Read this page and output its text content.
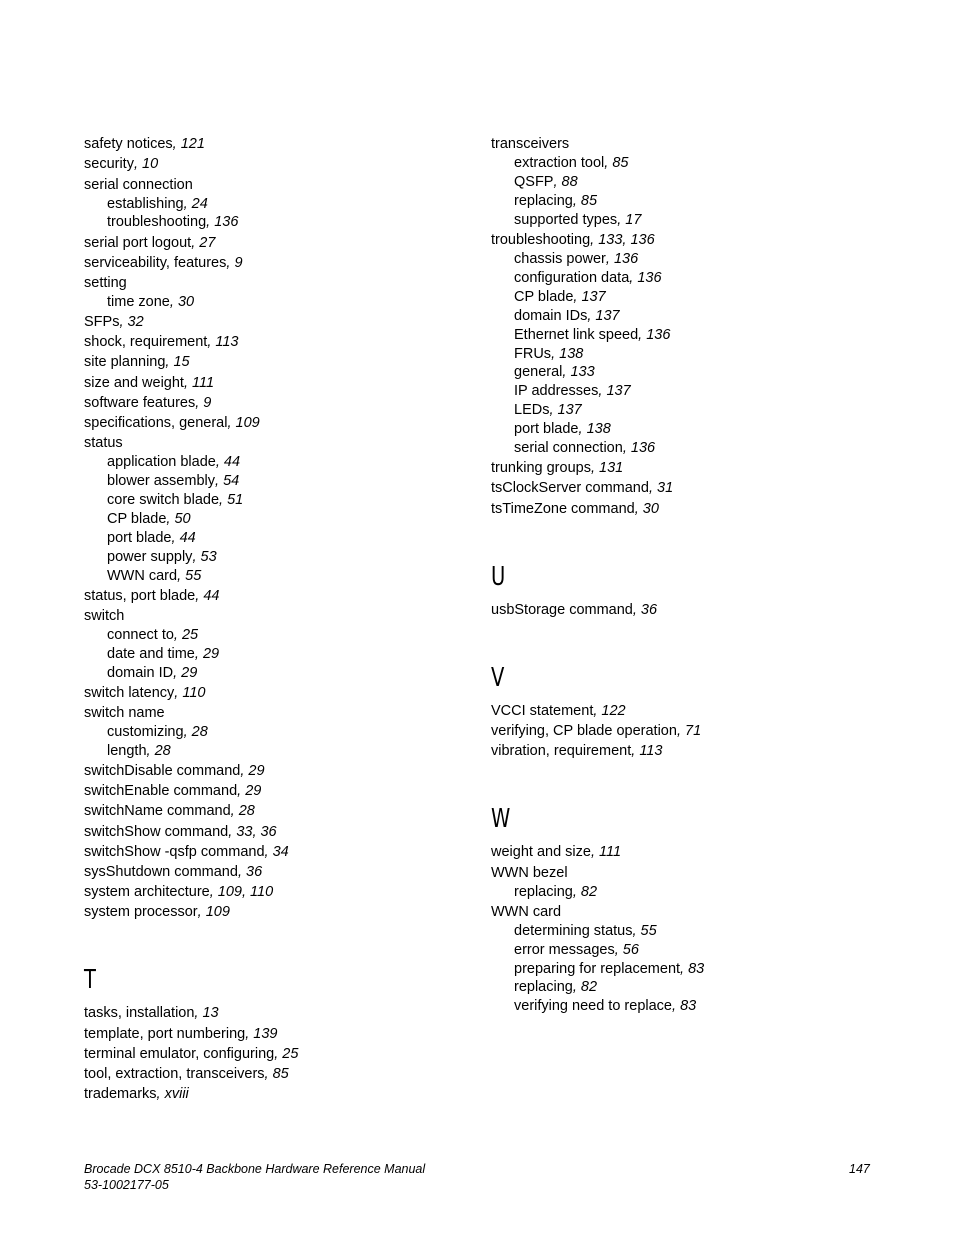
safety notices, 121
security, 10
serial connection
establishing, 24
troubleshooting, 136
serial port logout, 27
serviceability, features, 9
setting
time zone, 30
SFPs, 32
shock, requirement, 113
site planning, 15
size and weight, 111
software features, 9
specifications, general, 109
status
application blade, 44
blower assembly, 54
core switch blade, 51
CP blade, 50
port blade, 44
power supply, 53
WWN card, 55
status, port blade, 44
switch
connect to, 25
date and time, 29
domain ID, 29
switch latency, 110
switch name
customizing, 28
length, 28
switchDisable command, 29
switchEnable command, 29
switchName command, 28
switchShow command, 33, 36
switchShow -qsfp command, 34
sysShutdown command, 36
system architecture, 109, 110
system processor, 109
T
tasks, installation, 13
template, port numbering, 139
terminal emulator, configuring, 25
tool, extraction, transceivers, 85
trademarks, xviii
transceivers
extraction tool, 85
QSFP, 88
replacing, 85
supported types, 17
troubleshooting, 133, 136
chassis power, 136
configuration data, 136
CP blade, 137
domain IDs, 137
Ethernet link speed, 136
FRUs, 138
general, 133
IP addresses, 137
LEDs, 137
port blade, 138
serial connection, 136
trunking groups, 131
tsClockServer command, 31
tsTimeZone command, 30
U
usbStorage command, 36
V
VCCI statement, 122
verifying, CP blade operation, 71
vibration, requirement, 113
W
weight and size, 111
WWN bezel
replacing, 82
WWN card
determining status, 55
error messages, 56
preparing for replacement, 83
replacing, 82
verifying need to replace, 83
Brocade DCX 8510-4 Backbone Hardware Reference Manual
53-1002177-05
147
